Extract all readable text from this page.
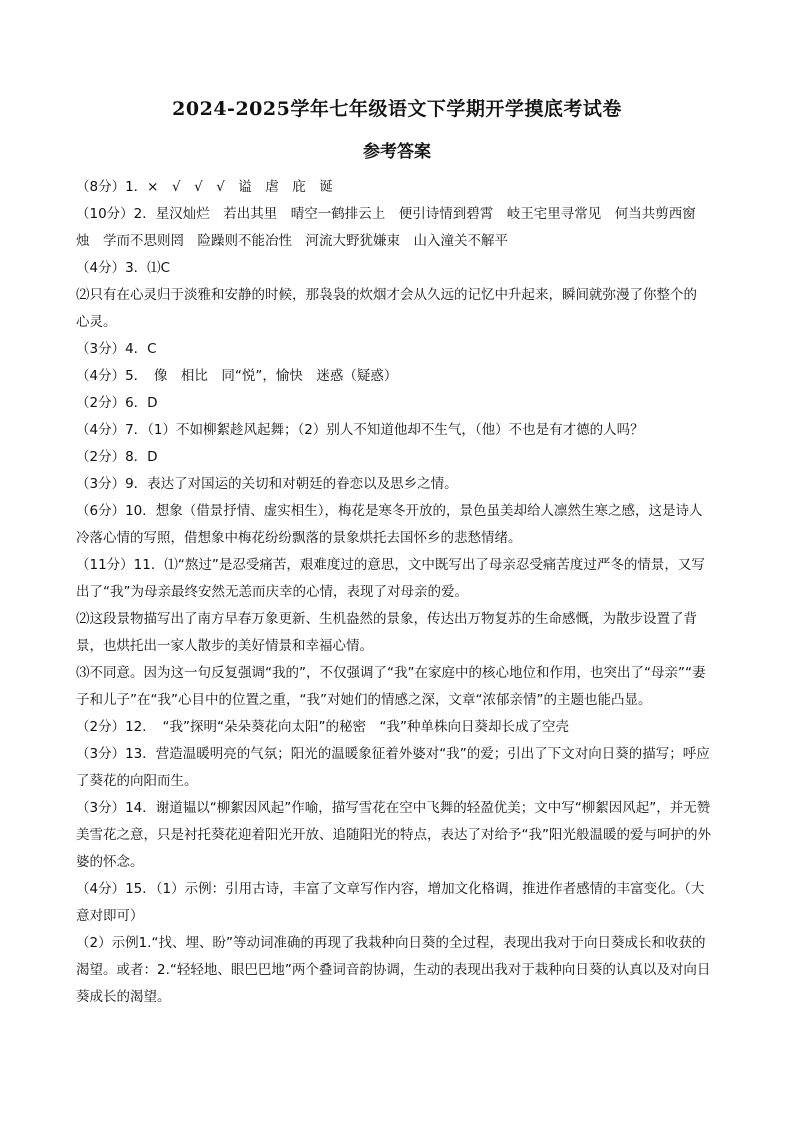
2024-2025学年七年级语文下学期开学摸底考试卷
参考答案
（8分）1．×　√　√　√　谥　虐　庇　诞
（10分）2．星汉灿烂　若出其里　晴空一鹤排云上　便引诗情到碧霄　岐王宅里寻常见　何当共剪西窗
烛　学而不思则罔　险躁则不能冶性　河流大野犹嫌束　山入潼关不解平
（4分）3．⑴C
⑵只有在心灵归于淡雅和安静的时候，那袅袅的炊烟才会从久远的记忆中升起来，瞬间就弥漫了你整个的
心灵。
（3分）4．C
（4分）5．　像　相比　同“悦”，愉快　迷惑（疑惑）
（2分）6．D
（4分）7．（1）不如柳絮趁风起舞；（2）别人不知道他却不生气，（他）不也是有才德的人吗？
（2分）8．D
（3分）9．表达了对国运的关切和对朝廷的眷恋以及思乡之情。
（6分）10．想象（借景抒情、虚实相生），梅花是寒冬开放的，景色虽美却给人凛然生寒之感，这是诗人
冷落心情的写照，借想象中梅花纷纷飘落的景象烘托去国怀乡的悲愁情绪。
（11分）11．⑴“熬过”是忍受痛苦，艰难度过的意思，文中既写出了母亲忍受痛苦度过严冬的情景，又写
出了“我”为母亲最终安然无恙而庆幸的心情，表现了对母亲的爱。
⑵这段景物描写出了南方早春万象更新、生机盎然的景象，传达出万物复苏的生命感慨，为散步设置了背
景，也烘托出一家人散步的美好情景和幸福心情。
⑶不同意。因为这一句反复强调“我的”，不仅强调了“我”在家庭中的核心地位和作用，也突出了“母亲”“妻
子和儿子”在“我”心目中的位置之重，“我”对她们的情感之深，文章“浓郁亲情”的主题也能凸显。
（2分）12．　“我”探明“朵朵葵花向太阳”的秘密　“我”种单株向日葵却长成了空壳
（3分）13．营造温暖明亮的气氛；阳光的温暖象征着外婆对“我”的爱；引出了下文对向日葵的描写；呼应
了葵花的向阳而生。
（3分）14．谢道韫以“柳絮因风起”作喻，描写雪花在空中飞舞的轻盈优美；文中写“柳絮因风起”，并无赞
美雪花之意，只是衬托葵花迎着阳光开放、追随阳光的特点，表达了对给予“我”阳光般温暖的爱与呵护的外
婆的怀念。
（4分）15．（1）示例：引用古诗，丰富了文章写作内容，增加文化格调，推进作者感情的丰富变化。（大
意对即可）
（2）示例1.“找、埋、盼”等动词准确的再现了我栽种向日葵的全过程，表现出我对于向日葵成长和收获的
渴望。或者：2.“轻轻地、眼巴巴地”两个叠词音韵协调，生动的表现出我对于栽种向日葵的认真以及对向日
葵成长的渴望。
